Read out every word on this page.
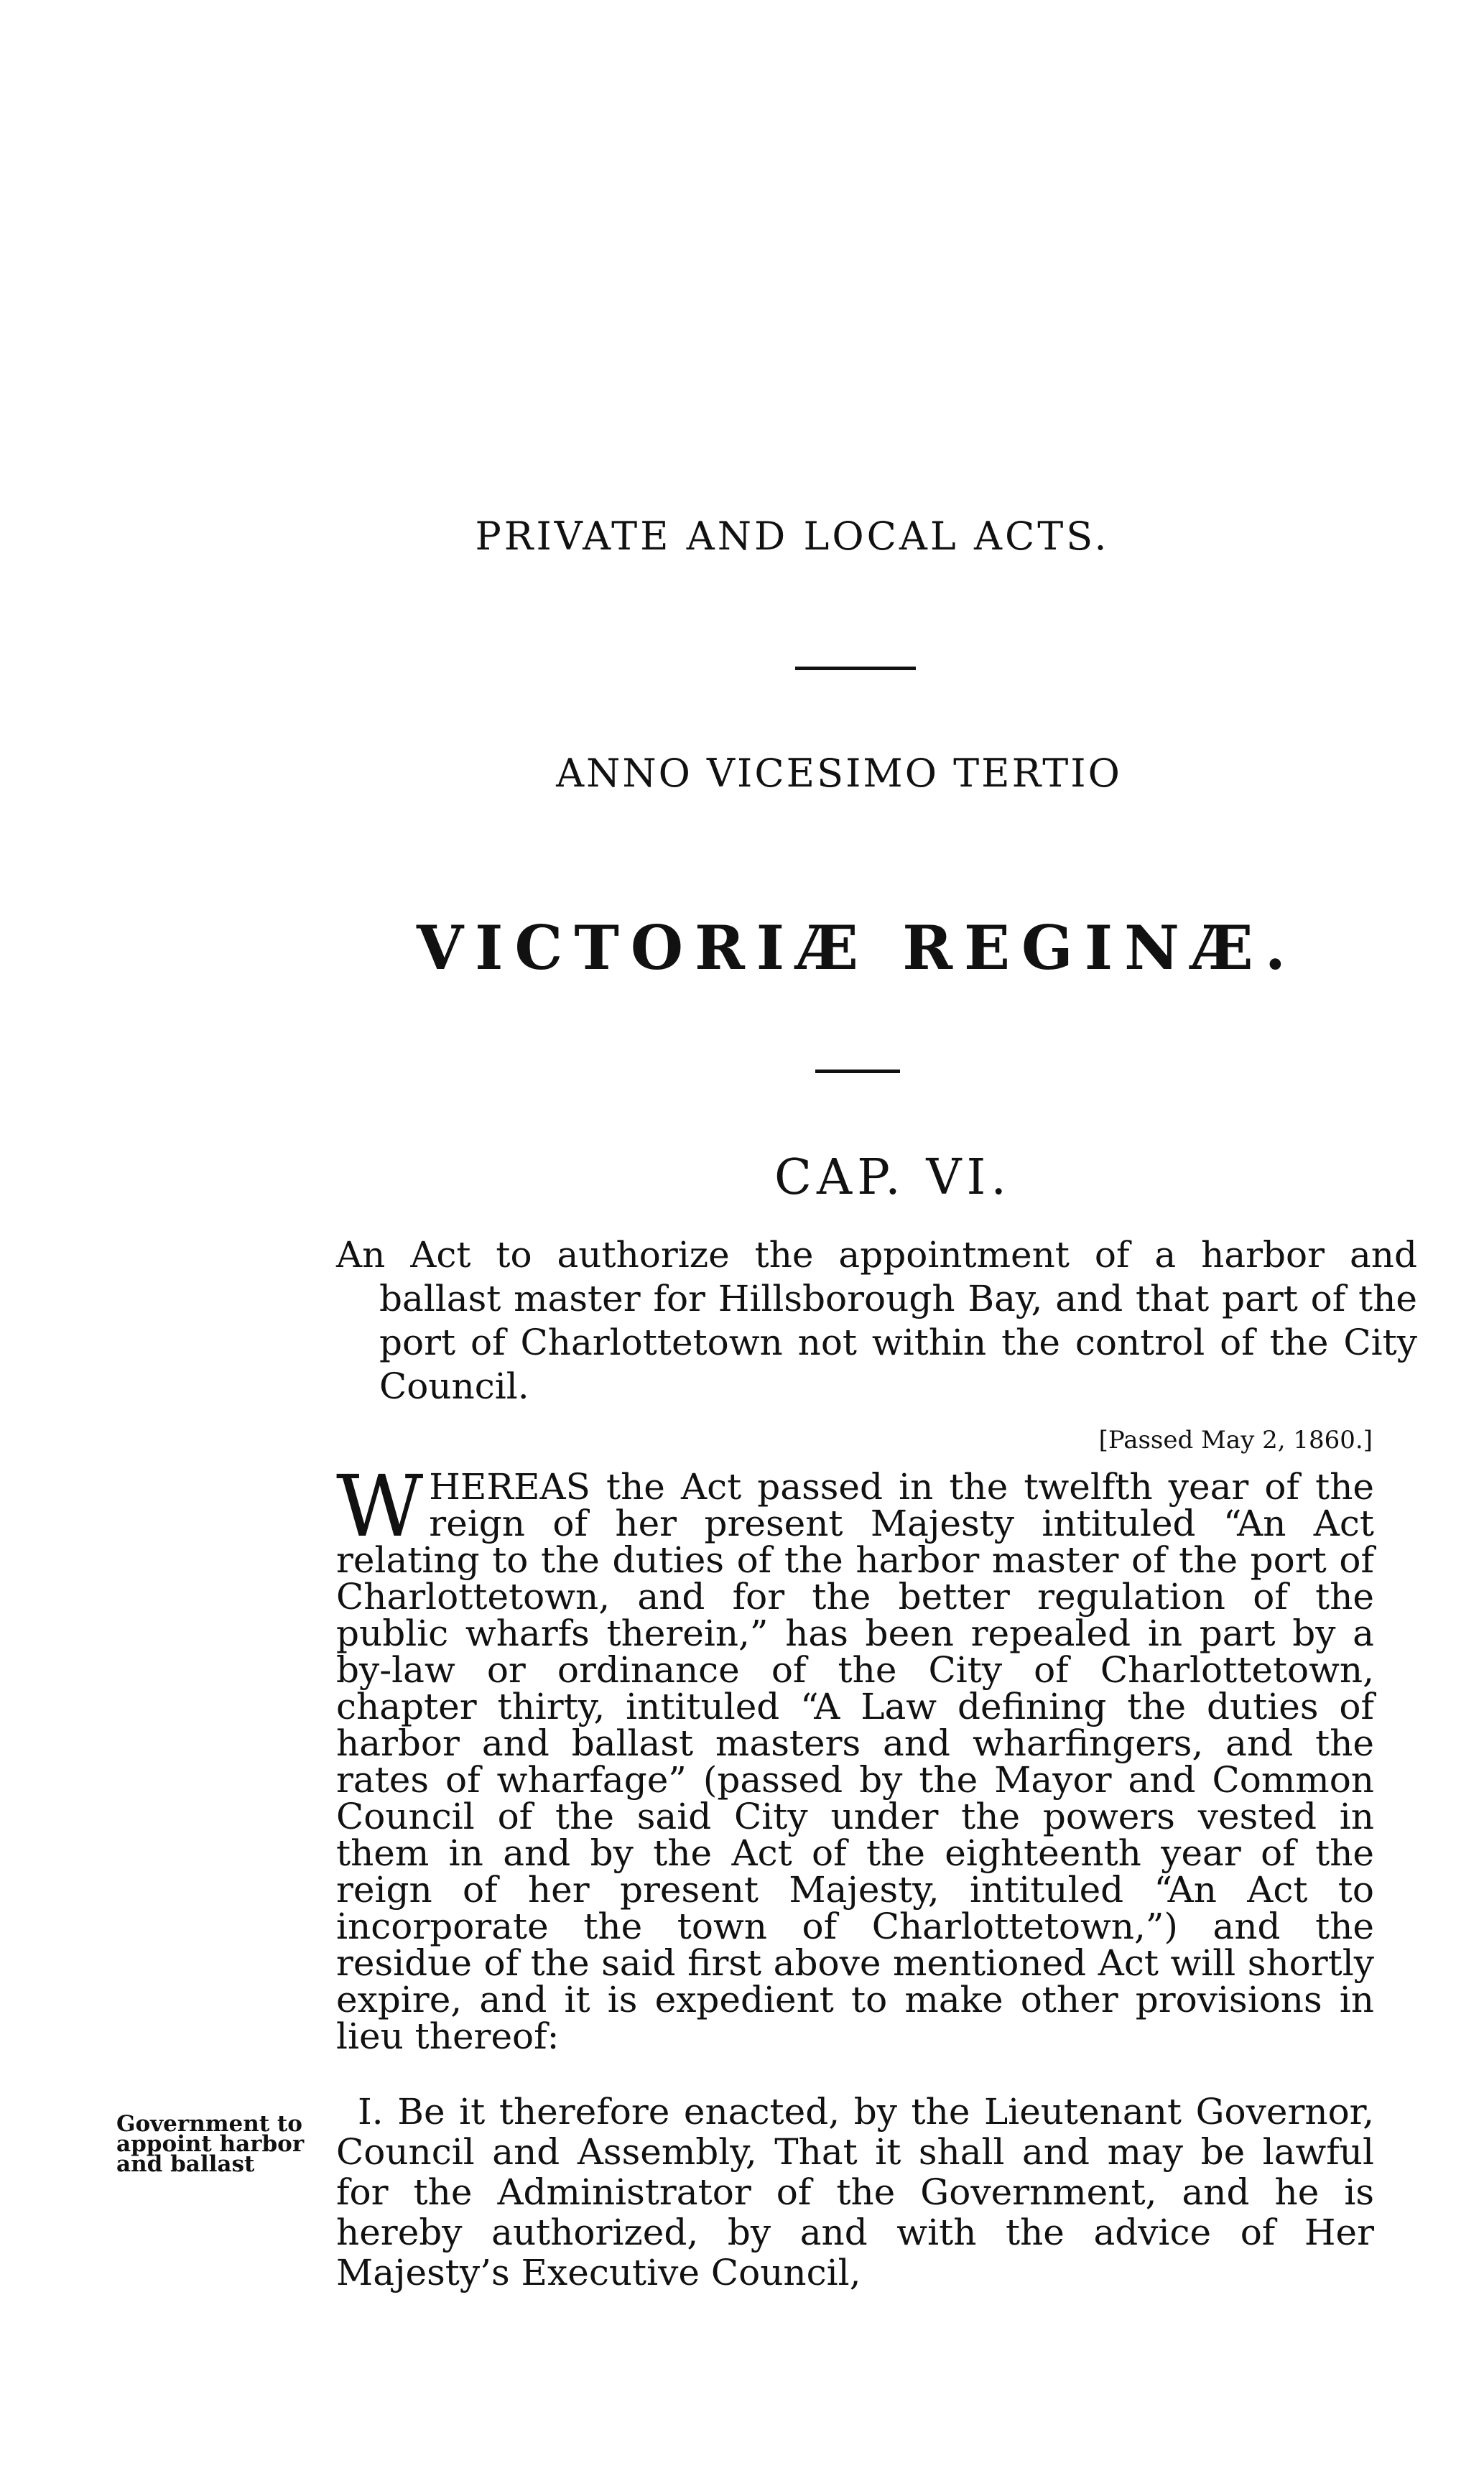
PRIVATE AND LOCAL ACTS.
ANNO VICESIMO TERTIO
VICTORIÆ REGINÆ.
CAP. VI.
An Act to authorize the appointment of a harbor and ballast master for Hillsborough Bay, and that part of the port of Charlottetown not within the control of the City Council.
[Passed May 2, 1860.]
WHEREAS the Act passed in the twelfth year of the reign of her present Majesty intituled “An Act relating to the duties of the harbor master of the port of Charlottetown, and for the better regulation of the public wharfs therein,” has been repealed in part by a by-law or ordinance of the City of Charlottetown, chapter thirty, intituled “A Law defining the duties of harbor and ballast masters and wharfingers, and the rates of wharfage” (passed by the Mayor and Common Council of the said City under the powers vested in them in and by the Act of the eighteenth year of the reign of her present Majesty, intituled “An Act to incorporate the town of Charlottetown,”) and the residue of the said first above mentioned Act will shortly expire, and it is expedient to make other provisions in lieu thereof:
Government to appoint harbor and ballast
I. Be it therefore enacted, by the Lieutenant Governor, Council and Assembly, That it shall and may be lawful for the Administrator of the Government, and he is hereby authorized, by and with the advice of Her Majesty’s Executive Council,
